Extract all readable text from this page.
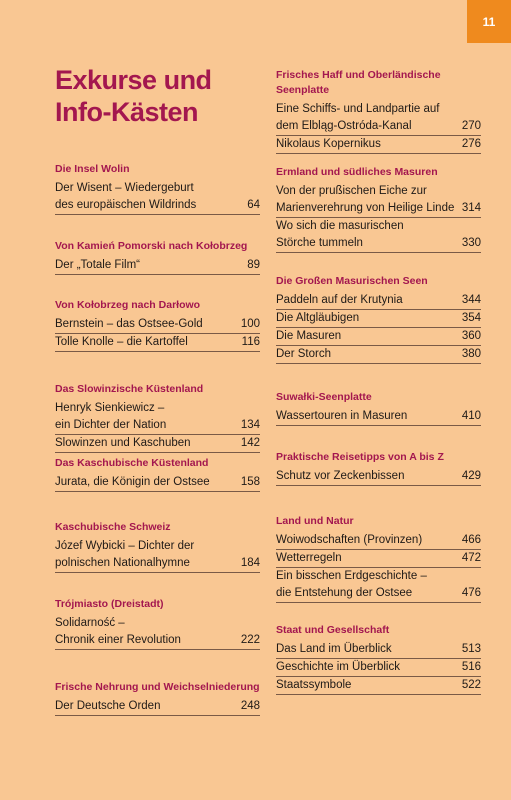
11
Exkurse und
Info-Kästen
Die Insel Wolin
Der Wisent – Wiedergeburt
des europäischen Wildrinds	64
Von Kamień Pomorski nach Kołobrzeg
Der „Totale Film“	89
Von Kołobrzeg nach Darłowo
Bernstein – das Ostsee-Gold	100
Tolle Knolle – die Kartoffel	116
Das Slowinzische Küstenland
Henryk Sienkiewicz –
ein Dichter der Nation	134
Slowinzen und Kaschuben	142
Das Kaschubische Küstenland
Jurata, die Königin der Ostsee	158
Kaschubische Schweiz
Józef Wybicki – Dichter der
polnischen Nationalhymne	184
Trójmiasto (Dreistadt)
Solidarność –
Chronik einer Revolution	222
Frische Nehrung und Weichselniederung
Der Deutsche Orden	248
Frisches Haff und Oberländische Seenplatte
Eine Schiffs- und Landpartie auf
dem Elbląg-Ostróda-Kanal	270
Nikolaus Kopernikus	276
Ermland und südliches Masuren
Von der prußischen Eiche zur
Marienverehrung von Heilige Linde 314
Wo sich die masurischen
Störche tummeln	330
Die Großen Masurischen Seen
Paddeln auf der Krutynia	344
Die Altgläubigen	354
Die Masuren	360
Der Storch	380
Suwałki-Seenplatte
Wassertouren in Masuren	410
Praktische Reisetipps von A bis Z
Schutz vor Zeckenbissen	429
Land und Natur
Woiwodschaften (Provinzen)	466
Wetterregeln	472
Ein bisschen Erdgeschichte –
die Entstehung der Ostsee	476
Staat und Gesellschaft
Das Land im Überblick	513
Geschichte im Überblick	516
Staatssymbole	522
